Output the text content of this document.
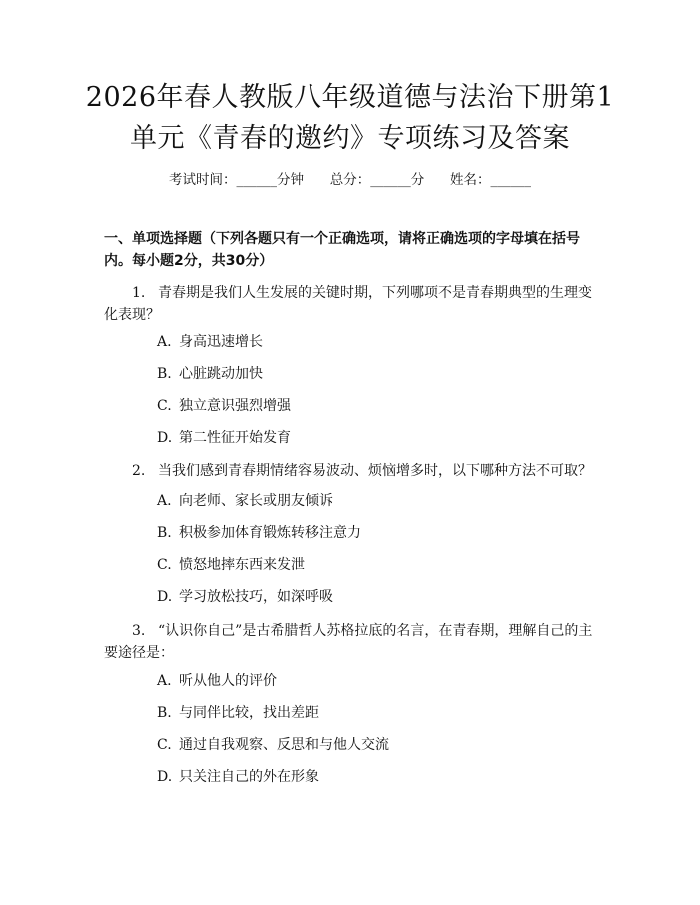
2026年春人教版八年级道德与法治下册第1
单元《青春的邀约》专项练习及答案
考试时间：______分钟      总分：______分      姓名：______
一、单项选择题（下列各题只有一个正确选项，请将正确选项的字母填在括号内。每小题2分，共30分）
1. 青春期是我们人生发展的关键时期，下列哪项不是青春期典型的生理变化表现？
A. 身高迅速增长
B. 心脏跳动加快
C. 独立意识强烈增强
D. 第二性征开始发育
2. 当我们感到青春期情绪容易波动、烦恼增多时，以下哪种方法不可取？
A. 向老师、家长或朋友倾诉
B. 积极参加体育锻炼转移注意力
C. 愤怒地摔东西来发泄
D. 学习放松技巧，如深呼吸
3. “认识你自己”是古希腊哲人苏格拉底的名言，在青春期，理解自己的主要途径是：
A. 听从他人的评价
B. 与同伴比较，找出差距
C. 通过自我观察、反思和与他人交流
D. 只关注自己的外在形象
